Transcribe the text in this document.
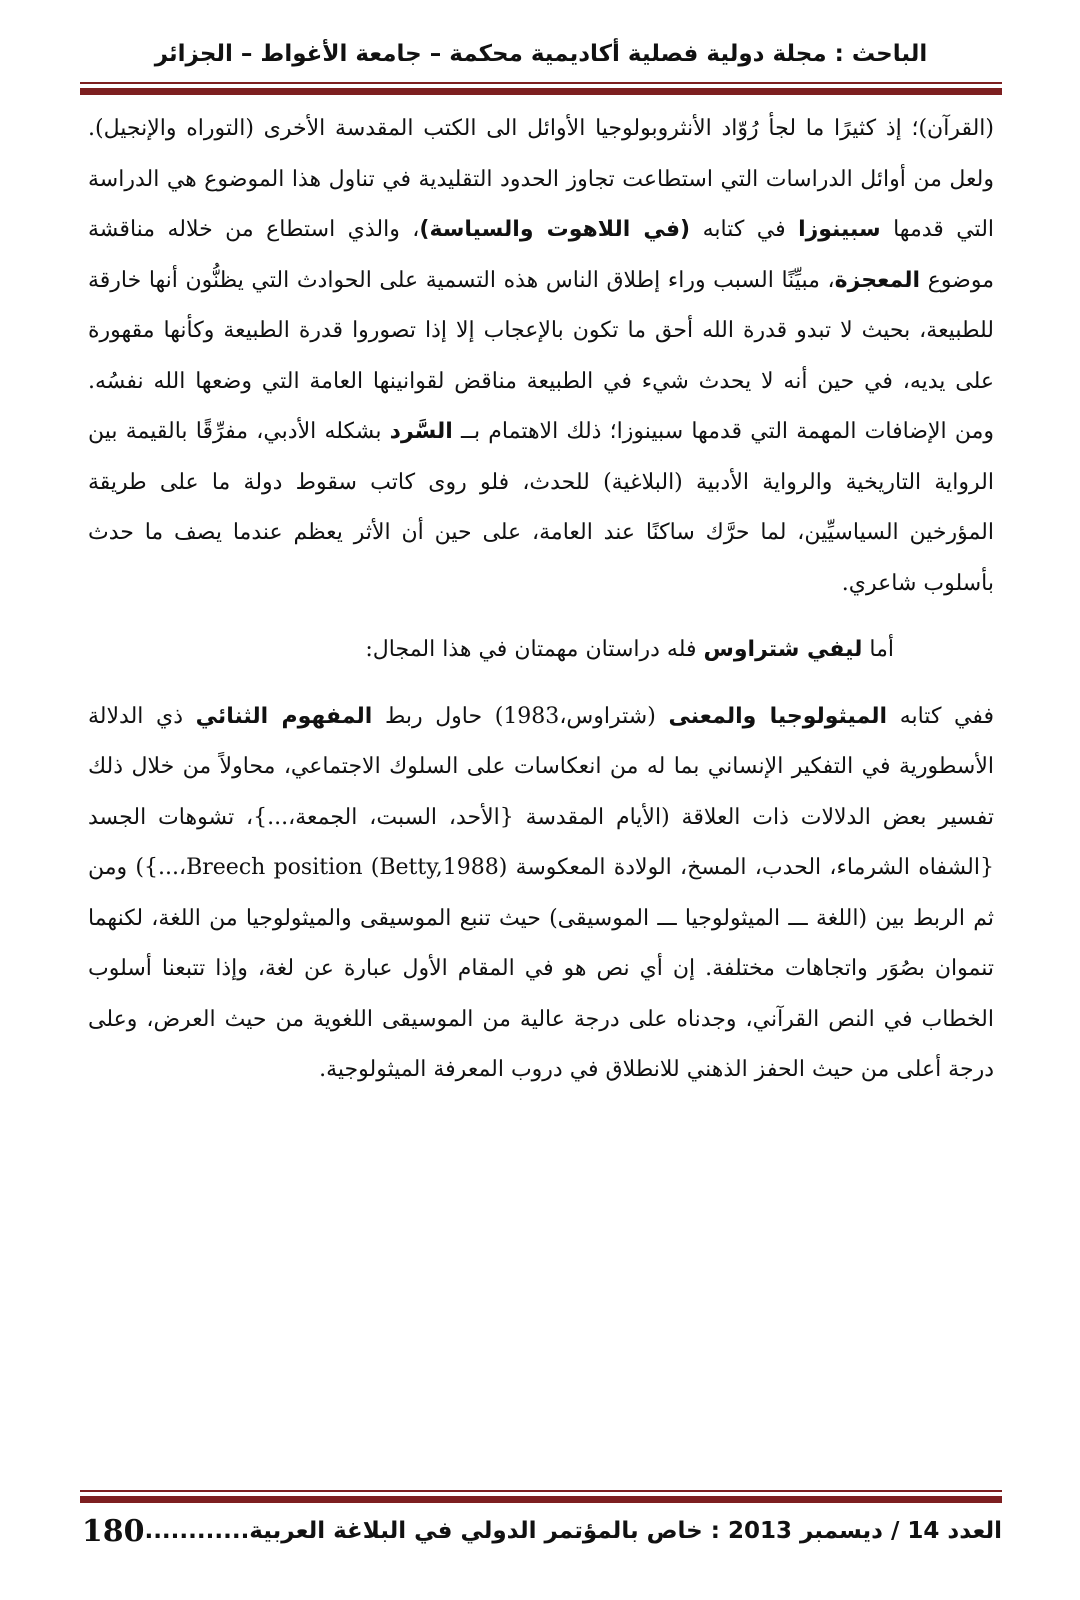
الباحث : مجلة دولية فصلية أكاديمية محكمة – جامعة الأغواط – الجزائر

(القرآن)؛ إذ كثيرًا ما لجأ رُوّاد الأنثروبولوجيا الأوائل الى الكتب المقدسة الأخرى (التوراه والإنجيل). ولعل من أوائل الدراسات التي استطاعت تجاوز الحدود التقليدية في تناول هذا الموضوع هي الدراسة التي قدمها سبينوزا في كتابه (في اللاهوت والسياسة)، والذي استطاع من خلاله مناقشة موضوع المعجزة، مبيِّنًا السبب وراء إطلاق الناس هذه التسمية على الحوادث التي يظنُّون أنها خارقة للطبيعة، بحيث لا تبدو قدرة الله أحق ما تكون بالإعجاب إلا إذا تصوروا قدرة الطبيعة وكأنها مقهورة على يديه، في حين أنه لا يحدث شيء في الطبيعة مناقض لقوانينها العامة التي وضعها الله نفسُه. ومن الإضافات المهمة التي قدمها سبينوزا؛ ذلك الاهتمام بــ السَّرد بشكله الأدبي، مفرِّقًا بالقيمة بين الرواية التاريخية والرواية الأدبية (البلاغية) للحدث، فلو روى كاتب سقوط دولة ما على طريقة المؤرخين السياسيِّين، لما حرَّك ساكنًا عند العامة، على حين أن الأثر يعظم عندما يصف ما حدث بأسلوب شاعري.

أما ليفي شتراوس فله دراستان مهمتان في هذا المجال:

ففي كتابه الميثولوجيا والمعنى (شتراوس،1983) حاول ربط المفهوم الثنائي ذي الدلالة الأسطورية في التفكير الإنساني بما له من انعكاسات على السلوك الاجتماعي، محاولاً من خلال ذلك تفسير بعض الدلالات ذات العلاقة (الأيام المقدسة {الأحد، السبت، الجمعة،...}، تشوهات الجسد {الشفاه الشرماء، الحدب، المسخ، الولادة المعكوسة Breech position (Betty,1988)،...}) ومن ثم الربط بين (اللغة ـــ الميثولوجيا ـــ الموسيقى) حيث تنبع الموسيقى والميثولوجيا من اللغة، لكنهما تنموان بصُوَر واتجاهات مختلفة. إن أي نص هو في المقام الأول عبارة عن لغة، وإذا تتبعنا أسلوب الخطاب في النص القرآني، وجدناه على درجة عالية من الموسيقى اللغوية من حيث العرض، وعلى درجة أعلى من حيث الحفز الذهني للانطلاق في دروب المعرفة الميثولوجية.

العدد 14 / ديسمبر 2013 : خاص بالمؤتمر الدولي في البلاغة العربية............
180
